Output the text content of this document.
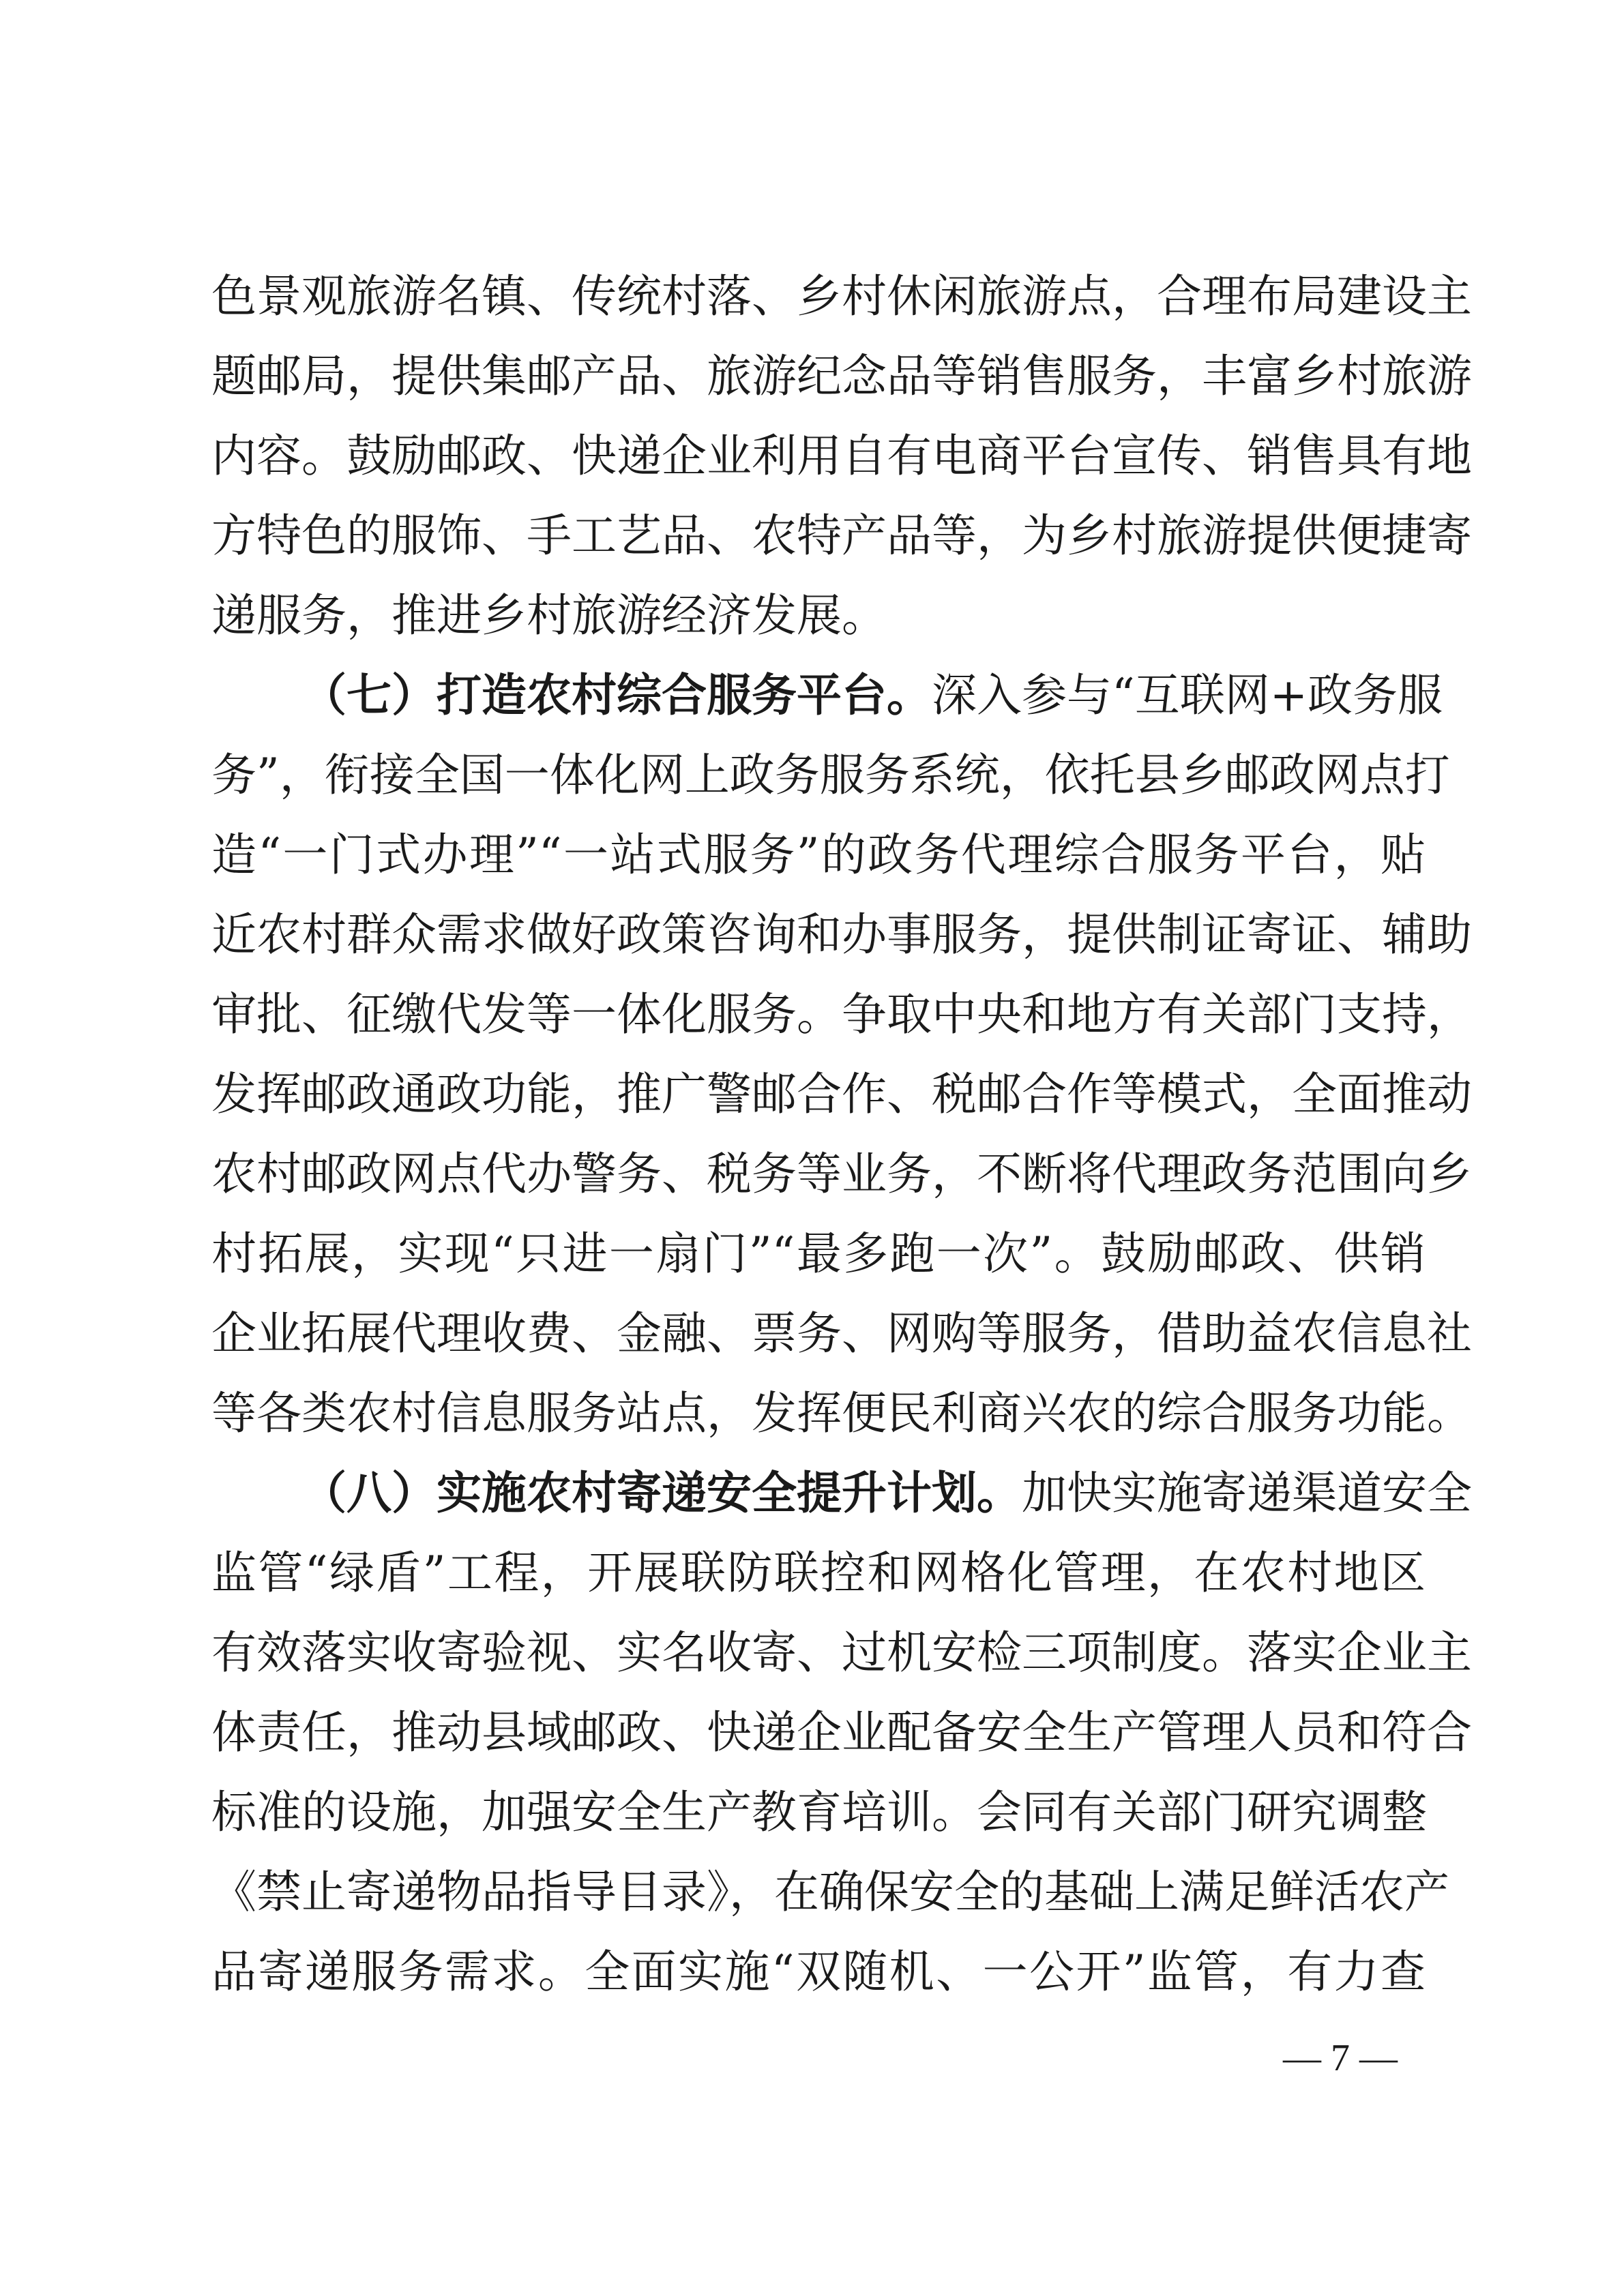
色景观旅游名镇、传统村落、乡村休闲旅游点，合理布局建设主
题邮局，提供集邮产品、旅游纪念品等销售服务，丰富乡村旅游
内容。鼓励邮政、快递企业利用自有电商平台宣传、销售具有地
方特色的服饰、手工艺品、农特产品等，为乡村旅游提供便捷寄
递服务，推进乡村旅游经济发展。
（七）打造农村综合服务平台。深入参与“互联网+政务服
务”，衔接全国一体化网上政务服务系统，依托县乡邮政网点打
造“一门式办理”“一站式服务”的政务代理综合服务平台，贴
近农村群众需求做好政策咨询和办事服务，提供制证寄证、辅助
审批、征缴代发等一体化服务。争取中央和地方有关部门支持，
发挥邮政通政功能，推广警邮合作、税邮合作等模式，全面推动
农村邮政网点代办警务、税务等业务，不断将代理政务范围向乡
村拓展，实现“只进一扇门”“最多跑一次”。鼓励邮政、供销
企业拓展代理收费、金融、票务、网购等服务，借助益农信息社
等各类农村信息服务站点，发挥便民利商兴农的综合服务功能。
（八）实施农村寄递安全提升计划。加快实施寄递渠道安全
监管“绿盾”工程，开展联防联控和网格化管理，在农村地区
有效落实收寄验视、实名收寄、过机安检三项制度。落实企业主
体责任，推动县域邮政、快递企业配备安全生产管理人员和符合
标准的设施，加强安全生产教育培训。会同有关部门研究调整
《禁止寄递物品指导目录》，在确保安全的基础上满足鲜活农产
品寄递服务需求。全面实施“双随机、一公开”监管，有力查
— 7 —
